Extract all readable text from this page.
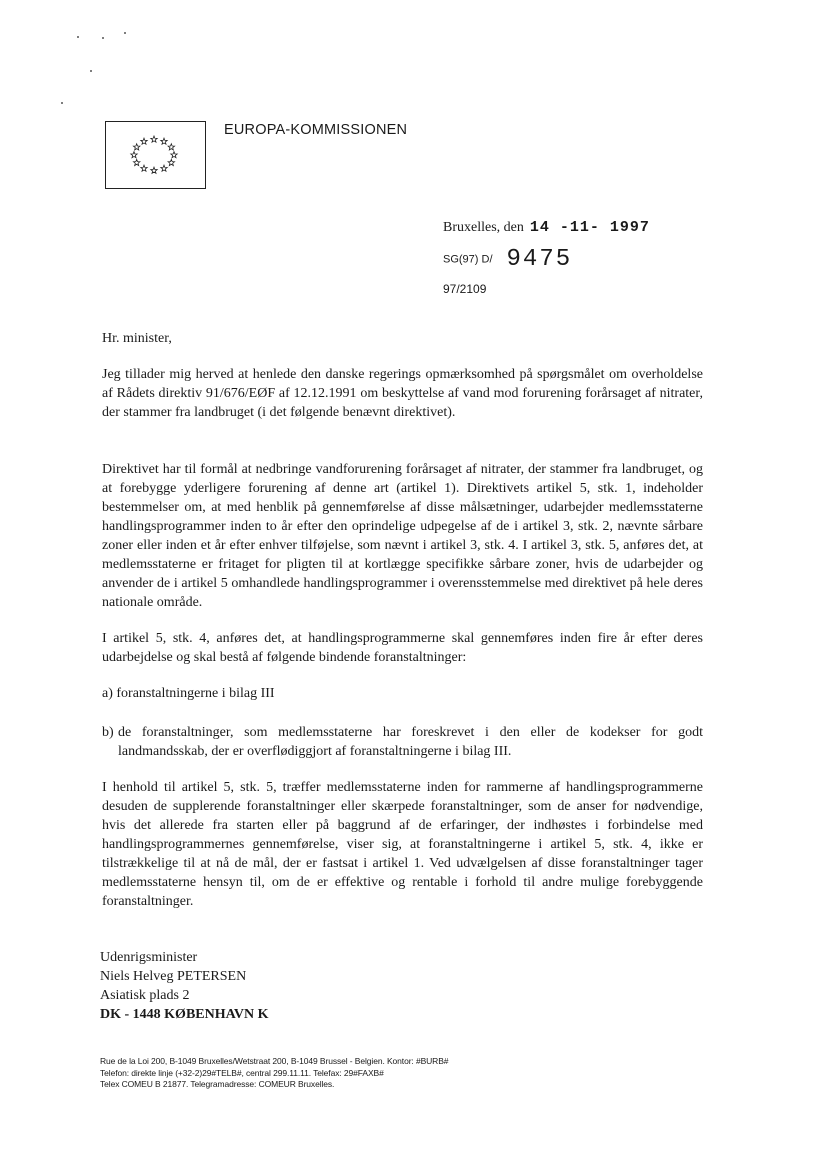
EUROPA-KOMMISSIONEN
Bruxelles, den 14 -11- 1997
SG(97) D/ 9475
97/2109
Hr. minister,

Jeg tillader mig herved at henlede den danske regerings opmærksomhed på spørgsmålet om overholdelse af Rådets direktiv 91/676/EØF af 12.12.1991 om beskyttelse af vand mod forurening forårsaget af nitrater, der stammer fra landbruget (i det følgende benævnt direktivet).

Direktivet har til formål at nedbringe vandforurening forårsaget af nitrater, der stammer fra landbruget, og at forebygge yderligere forurening af denne art (artikel 1). Direktivets artikel 5, stk. 1, indeholder bestemmelser om, at med henblik på gennemførelse af disse målsætninger, udarbejder medlemsstaterne handlingsprogrammer inden to år efter den oprindelige udpegelse af de i artikel 3, stk. 2, nævnte sårbare zoner eller inden et år efter enhver tilføjelse, som nævnt i artikel 3, stk. 4. I artikel 3, stk. 5, anføres det, at medlemsstaterne er fritaget for pligten til at kortlægge specifikke sårbare zoner, hvis de udarbejder og anvender de i artikel 5 omhandlede handlingsprogrammer i overensstemmelse med direktivet på hele deres nationale område.

I artikel 5, stk. 4, anføres det, at handlingsprogrammerne skal gennemføres inden fire år efter deres udarbejdelse og skal bestå af følgende bindende foranstaltninger:

a) foranstaltningerne i bilag III

b) de foranstaltninger, som medlemsstaterne har foreskrevet i den eller de kodekser for godt landmandsskab, der er overflødiggjort af foranstaltningerne i bilag III.

I henhold til artikel 5, stk. 5, træffer medlemsstaterne inden for rammerne af handlingsprogrammerne desuden de supplerende foranstaltninger eller skærpede foranstaltninger, som de anser for nødvendige, hvis det allerede fra starten eller på baggrund af de erfaringer, der indhøstes i forbindelse med handlingsprogrammernes gennemførelse, viser sig, at foranstaltningerne i artikel 5, stk. 4, ikke er tilstrækkelige til at nå de mål, der er fastsat i artikel 1. Ved udvælgelsen af disse foranstaltninger tager medlemsstaterne hensyn til, om de er effektive og rentable i forhold til andre mulige forebyggende foranstaltninger.

Udenrigsminister
Niels Helveg PETERSEN
Asiatisk plads 2
DK - 1448 KØBENHAVN K
Rue de la Loi 200, B-1049 Bruxelles/Wetstraat 200, B-1049 Brussel - Belgien. Kontor: #BURB#
Telefon: direkte linje (+32-2)29#TELB#, central 299.11.11. Telefax: 29#FAXB#
Telex COMEU B 21877. Telegramadresse: COMEUR Bruxelles.
